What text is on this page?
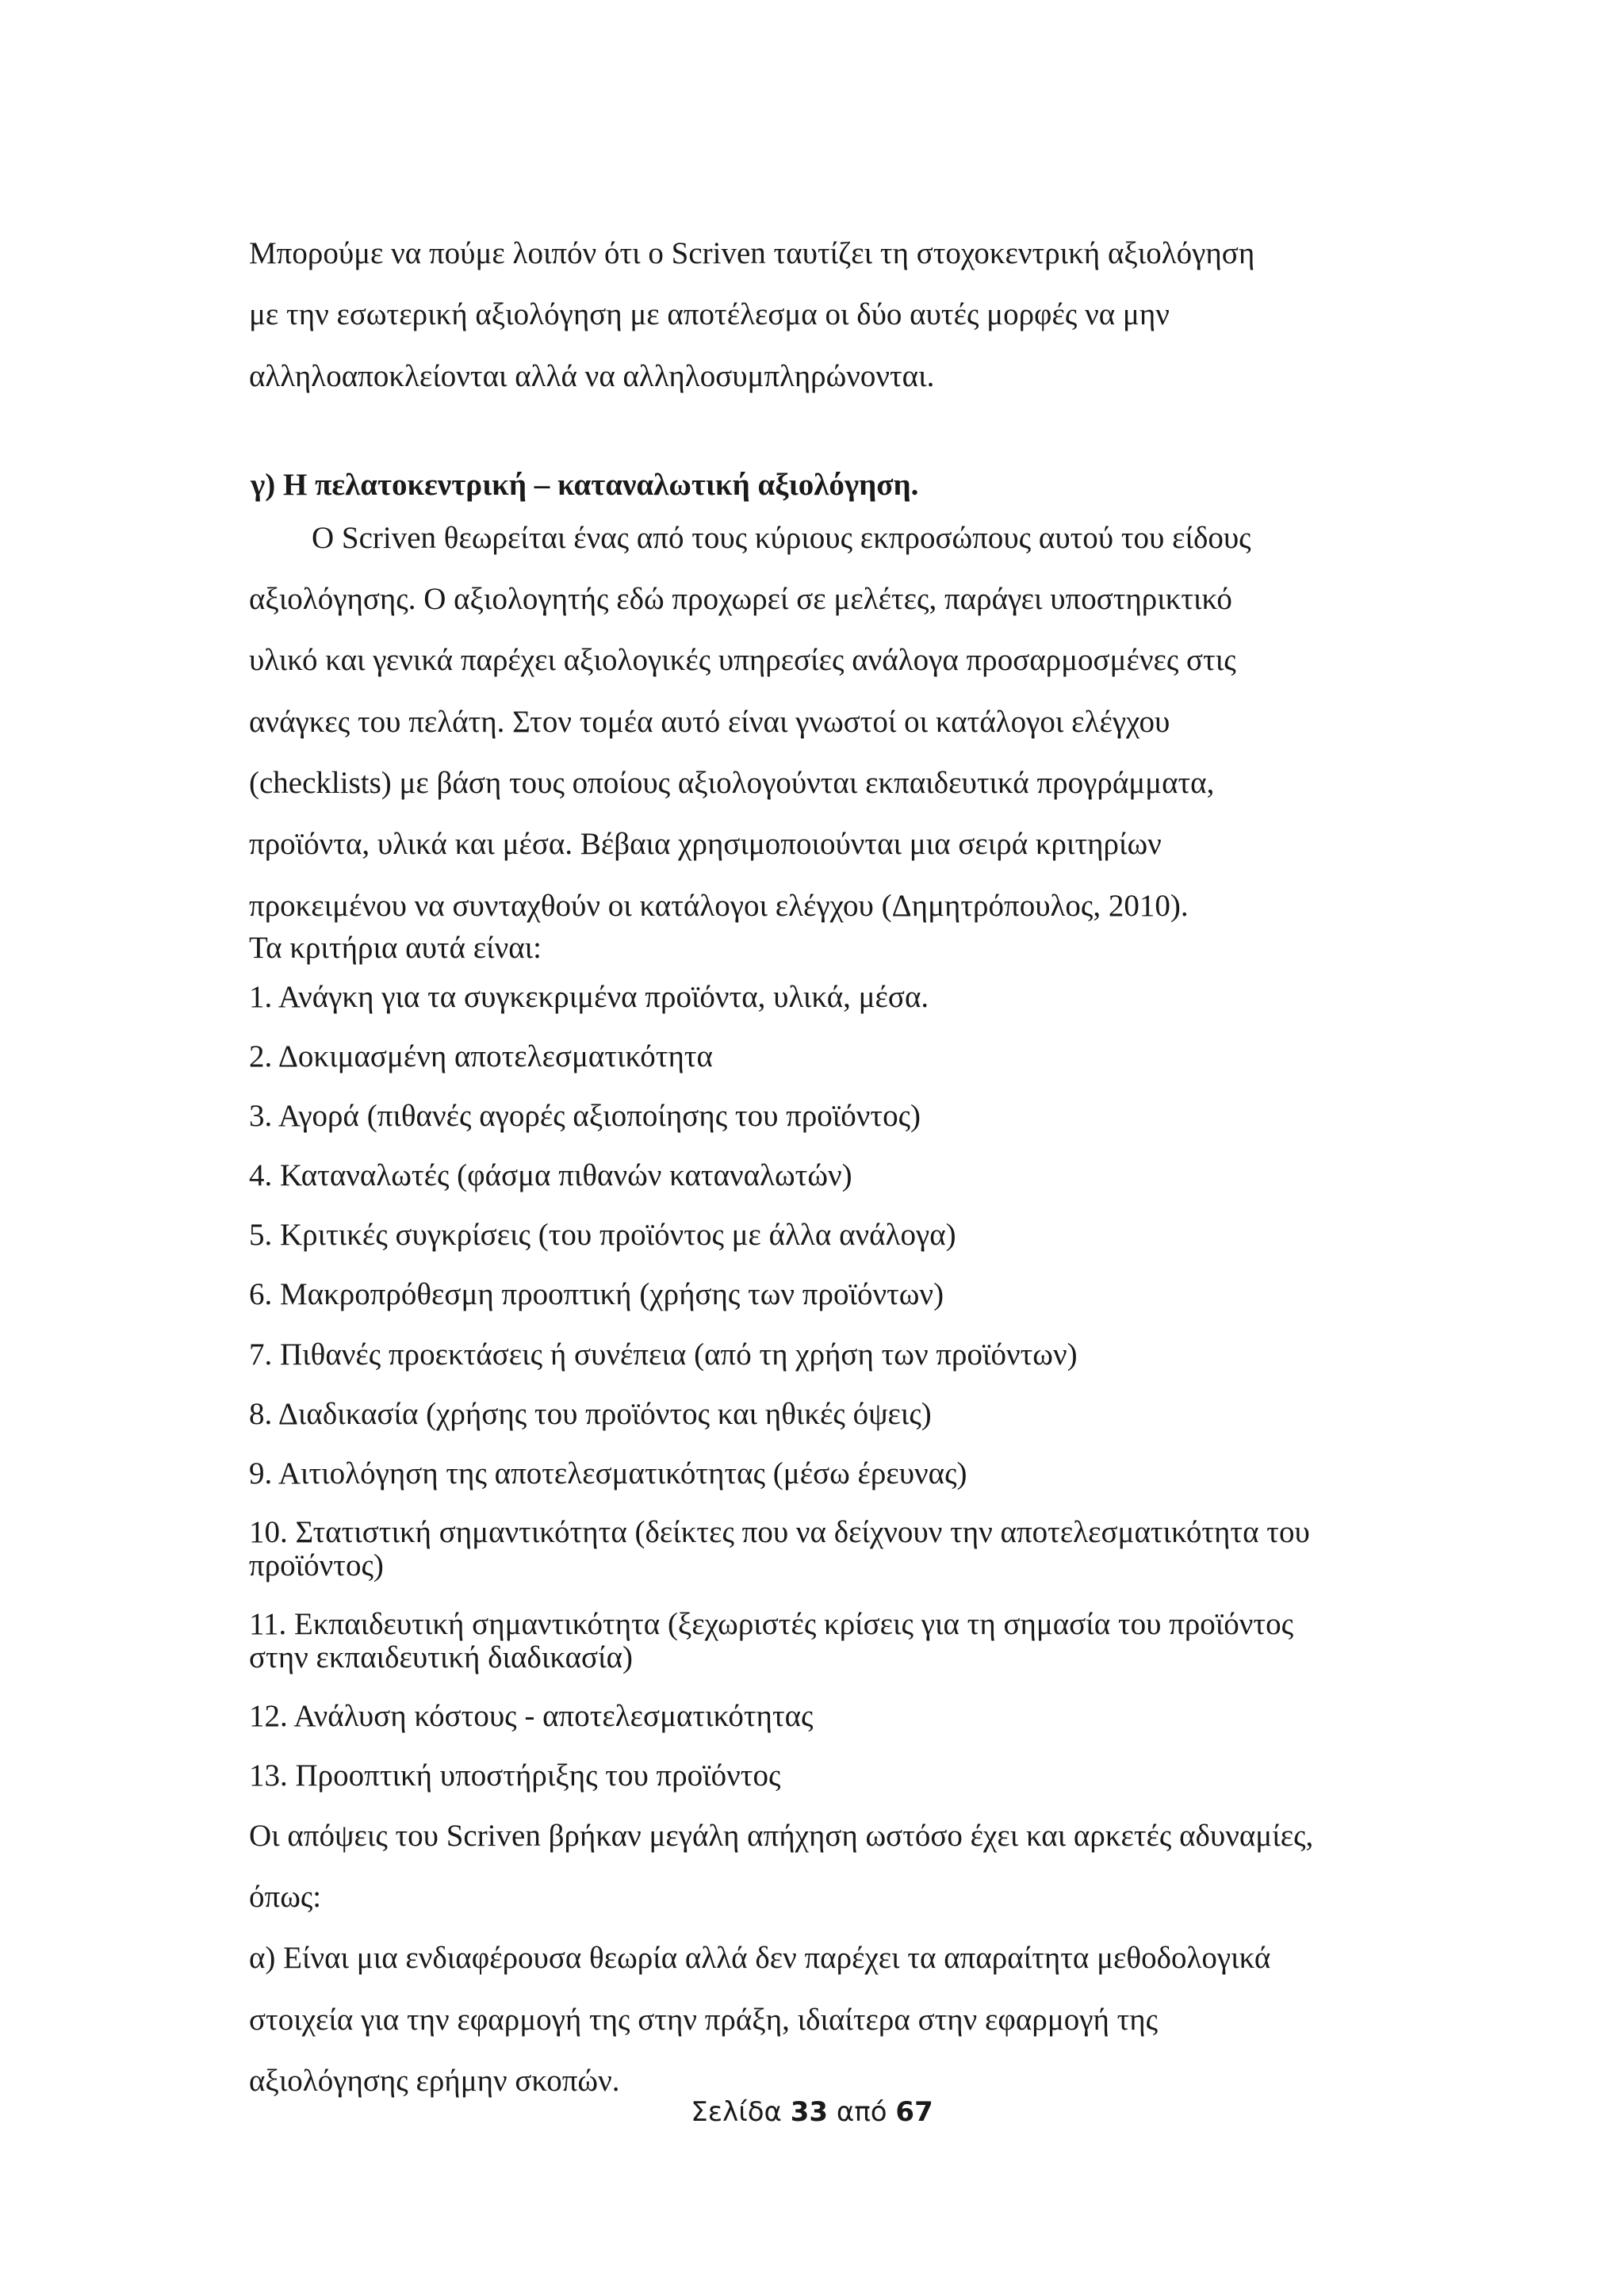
Μπορούμε να πούμε λοιπόν ότι ο Scriven ταυτίζει τη στοχοκεντρική αξιολόγηση
με την εσωτερική αξιολόγηση με αποτέλεσμα οι δύο αυτές μορφές να μην
αλληλοαποκλείονται αλλά να αλληλοσυμπληρώνονται.
γ) Η πελατοκεντρική – καταναλωτική αξιολόγηση.
Ο Scriven θεωρείται ένας από τους κύριους εκπροσώπους αυτού του είδους
αξιολόγησης. Ο αξιολογητής εδώ προχωρεί σε μελέτες, παράγει υποστηρικτικό
υλικό και γενικά παρέχει αξιολογικές υπηρεσίες ανάλογα προσαρμοσμένες στις
ανάγκες του πελάτη. Στον τομέα αυτό είναι γνωστοί οι κατάλογοι ελέγχου
(checklists) με βάση τους οποίους αξιολογούνται εκπαιδευτικά προγράμματα,
προϊόντα, υλικά και μέσα. Βέβαια χρησιμοποιούνται μια σειρά κριτηρίων
προκειμένου να συνταχθούν οι κατάλογοι ελέγχου (Δημητρόπουλος, 2010).
Τα κριτήρια αυτά είναι:
1. Ανάγκη για τα συγκεκριμένα προϊόντα, υλικά, μέσα.
2. Δοκιμασμένη αποτελεσματικότητα
3. Αγορά (πιθανές αγορές αξιοποίησης του προϊόντος)
4. Καταναλωτές (φάσμα πιθανών καταναλωτών)
5. Κριτικές συγκρίσεις (του προϊόντος με άλλα ανάλογα)
6. Μακροπρόθεσμη προοπτική (χρήσης των προϊόντων)
7. Πιθανές προεκτάσεις ή συνέπεια (από τη χρήση των προϊόντων)
8. Διαδικασία (χρήσης του προϊόντος και ηθικές όψεις)
9. Αιτιολόγηση της αποτελεσματικότητας (μέσω έρευνας)
10. Στατιστική σημαντικότητα (δείκτες που να δείχνουν την αποτελεσματικότητα του
προϊόντος)
11. Εκπαιδευτική σημαντικότητα (ξεχωριστές κρίσεις για τη σημασία του προϊόντος
στην εκπαιδευτική διαδικασία)
12. Ανάλυση κόστους - αποτελεσματικότητας
13. Προοπτική υποστήριξης του προϊόντος
Οι απόψεις του Scriven βρήκαν μεγάλη απήχηση ωστόσο έχει και αρκετές αδυναμίες,
όπως:
α) Είναι μια ενδιαφέρουσα θεωρία αλλά δεν παρέχει τα απαραίτητα μεθοδολογικά
στοιχεία για την εφαρμογή της στην πράξη, ιδιαίτερα στην εφαρμογή της
αξιολόγησης ερήμην σκοπών.
Σελίδα 33 από 67
